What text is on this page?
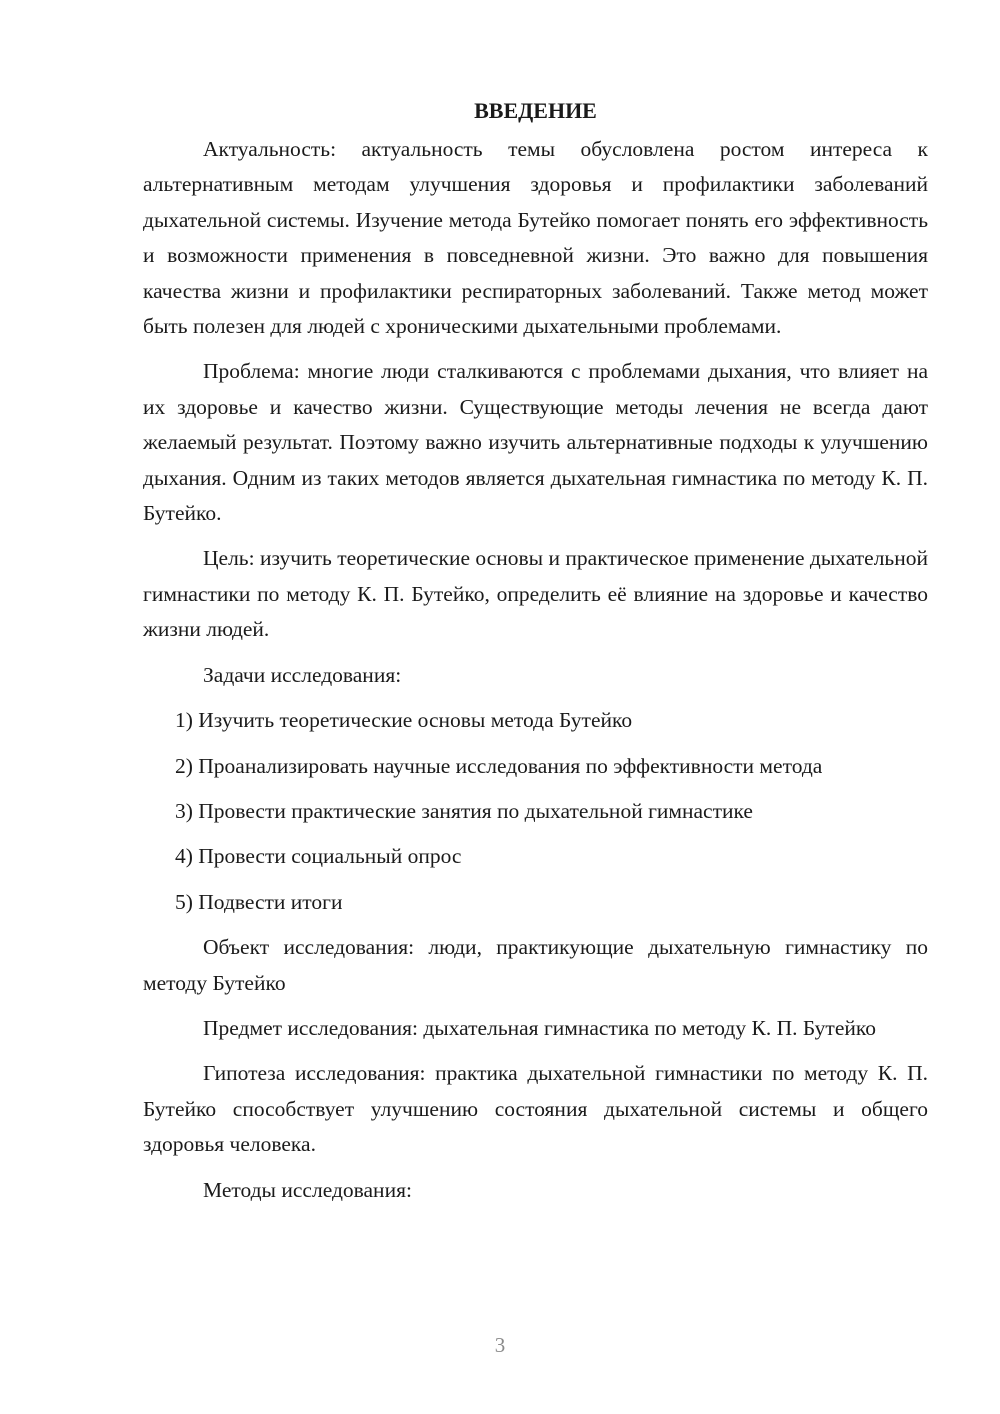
ВВЕДЕНИЕ

Актуальность: актуальность темы обусловлена ростом интереса к альтернативным методам улучшения здоровья и профилактики заболеваний дыхательной системы. Изучение метода Бутейко помогает понять его эффективность и возможности применения в повседневной жизни. Это важно для повышения качества жизни и профилактики респираторных заболеваний. Также метод может быть полезен для людей с хроническими дыхательными проблемами.

Проблема: многие люди сталкиваются с проблемами дыхания, что влияет на их здоровье и качество жизни. Существующие методы лечения не всегда дают желаемый результат. Поэтому важно изучить альтернативные подходы к улучшению дыхания. Одним из таких методов является дыхательная гимнастика по методу К. П. Бутейко.

Цель: изучить теоретические основы и практическое применение дыхательной гимнастики по методу К. П. Бутейко, определить её влияние на здоровье и качество жизни людей.

Задачи исследования:

1) Изучить теоретические основы метода Бутейко
2) Проанализировать научные исследования по эффективности метода
3) Провести практические занятия по дыхательной гимнастике
4) Провести социальный опрос
5) Подвести итоги

Объект исследования: люди, практикующие дыхательную гимнастику по методу Бутейко

Предмет исследования: дыхательная гимнастика по методу К. П. Бутейко

Гипотеза исследования: практика дыхательной гимнастики по методу К. П. Бутейко способствует улучшению состояния дыхательной системы и общего здоровья человека.

Методы исследования:

3
